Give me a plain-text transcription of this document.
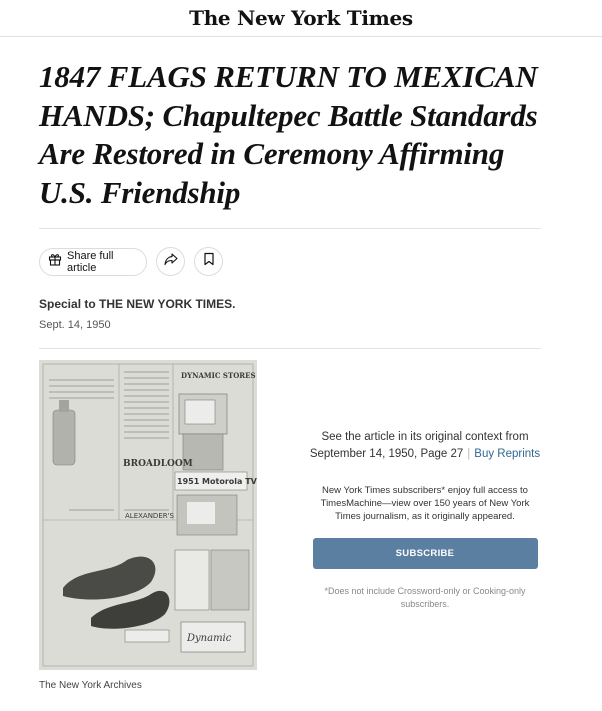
The New York Times
1847 FLAGS RETURN TO MEXICAN HANDS; Chapultepec Battle Standards Are Restored in Ceremony Affirming U.S. Friendship
Share full article
Special to THE NEW YORK TIMES.
Sept. 14, 1950
DYNAMIC STORES
BROADLOOM
1951 Motorola TV
ALEXANDER'S
Dynamic
The New York Archives
See the article in its original context from
September 14, 1950, Page 27 | Buy Reprints
New York Times subscribers* enjoy full access to TimesMachine—view over 150 years of New York Times journalism, as it originally appeared.
SUBSCRIBE
*Does not include Crossword-only or Cooking-only subscribers.
